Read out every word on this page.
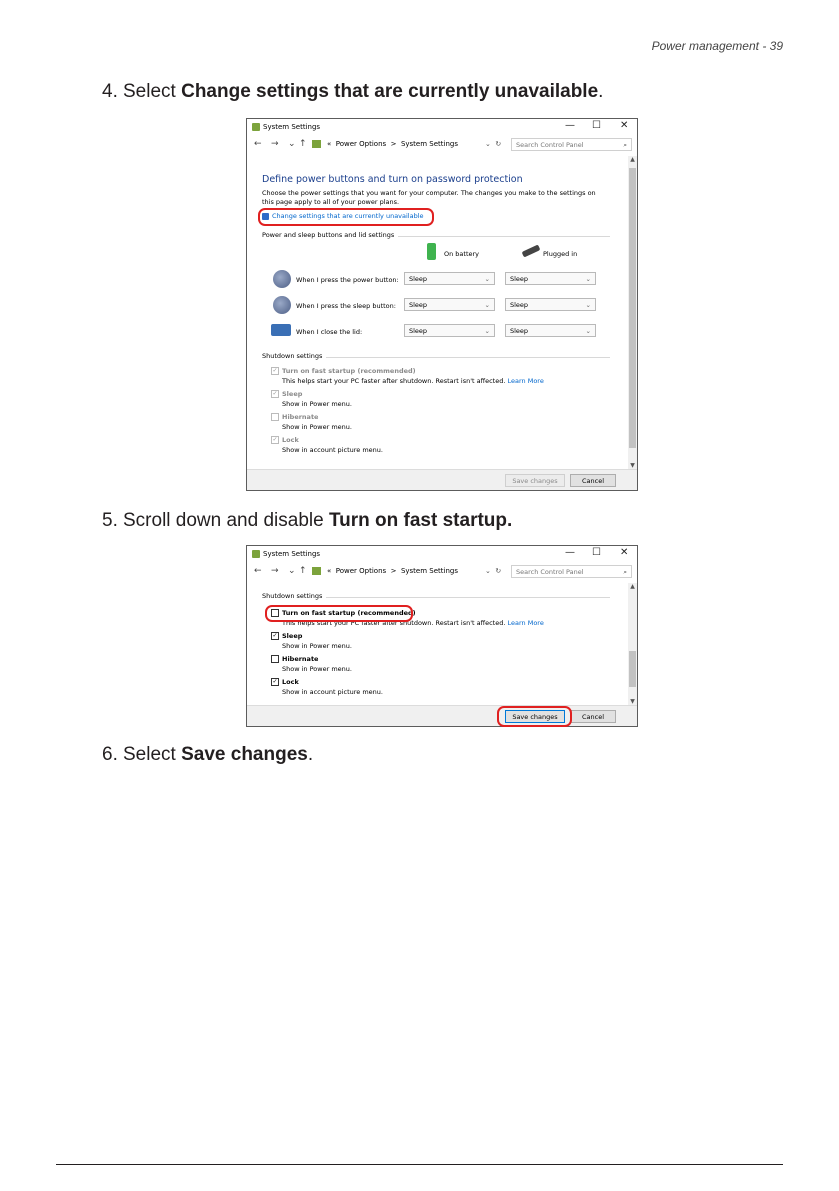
Power management - 39
4. Select Change settings that are currently unavailable.
System Settings	— ☐ ✕
← → ⌄ ↑	« Power Options > System Settings	⌄ ↻	Search Control Panel	⌕
Define power buttons and turn on password protection
Choose the power settings that you want for your computer. The changes you make to the settings on this page apply to all of your power plans.
Change settings that are currently unavailable
Power and sleep buttons and lid settings
On battery	Plugged in
When I press the power button:	Sleep	⌄	Sleep	⌄
When I press the sleep button:	Sleep	⌄	Sleep	⌄
When I close the lid:	Sleep	⌄	Sleep	⌄
Shutdown settings
✓ Turn on fast startup (recommended)
This helps start your PC faster after shutdown. Restart isn't affected. Learn More
✓ Sleep
Show in Power menu.
Hibernate
Show in Power menu.
✓ Lock
Show in account picture menu.
▲
▼
Save changes	Cancel
5. Scroll down and disable Turn on fast startup.
System Settings	— ☐ ✕
← → ⌄ ↑	« Power Options > System Settings	⌄ ↻	Search Control Panel	⌕
Shutdown settings
Turn on fast startup (recommended)
This helps start your PC faster after shutdown. Restart isn't affected. Learn More
✓ Sleep
Show in Power menu.
Hibernate
Show in Power menu.
✓ Lock
Show in account picture menu.
▲
▼
Save changes	Cancel
6. Select Save changes.
